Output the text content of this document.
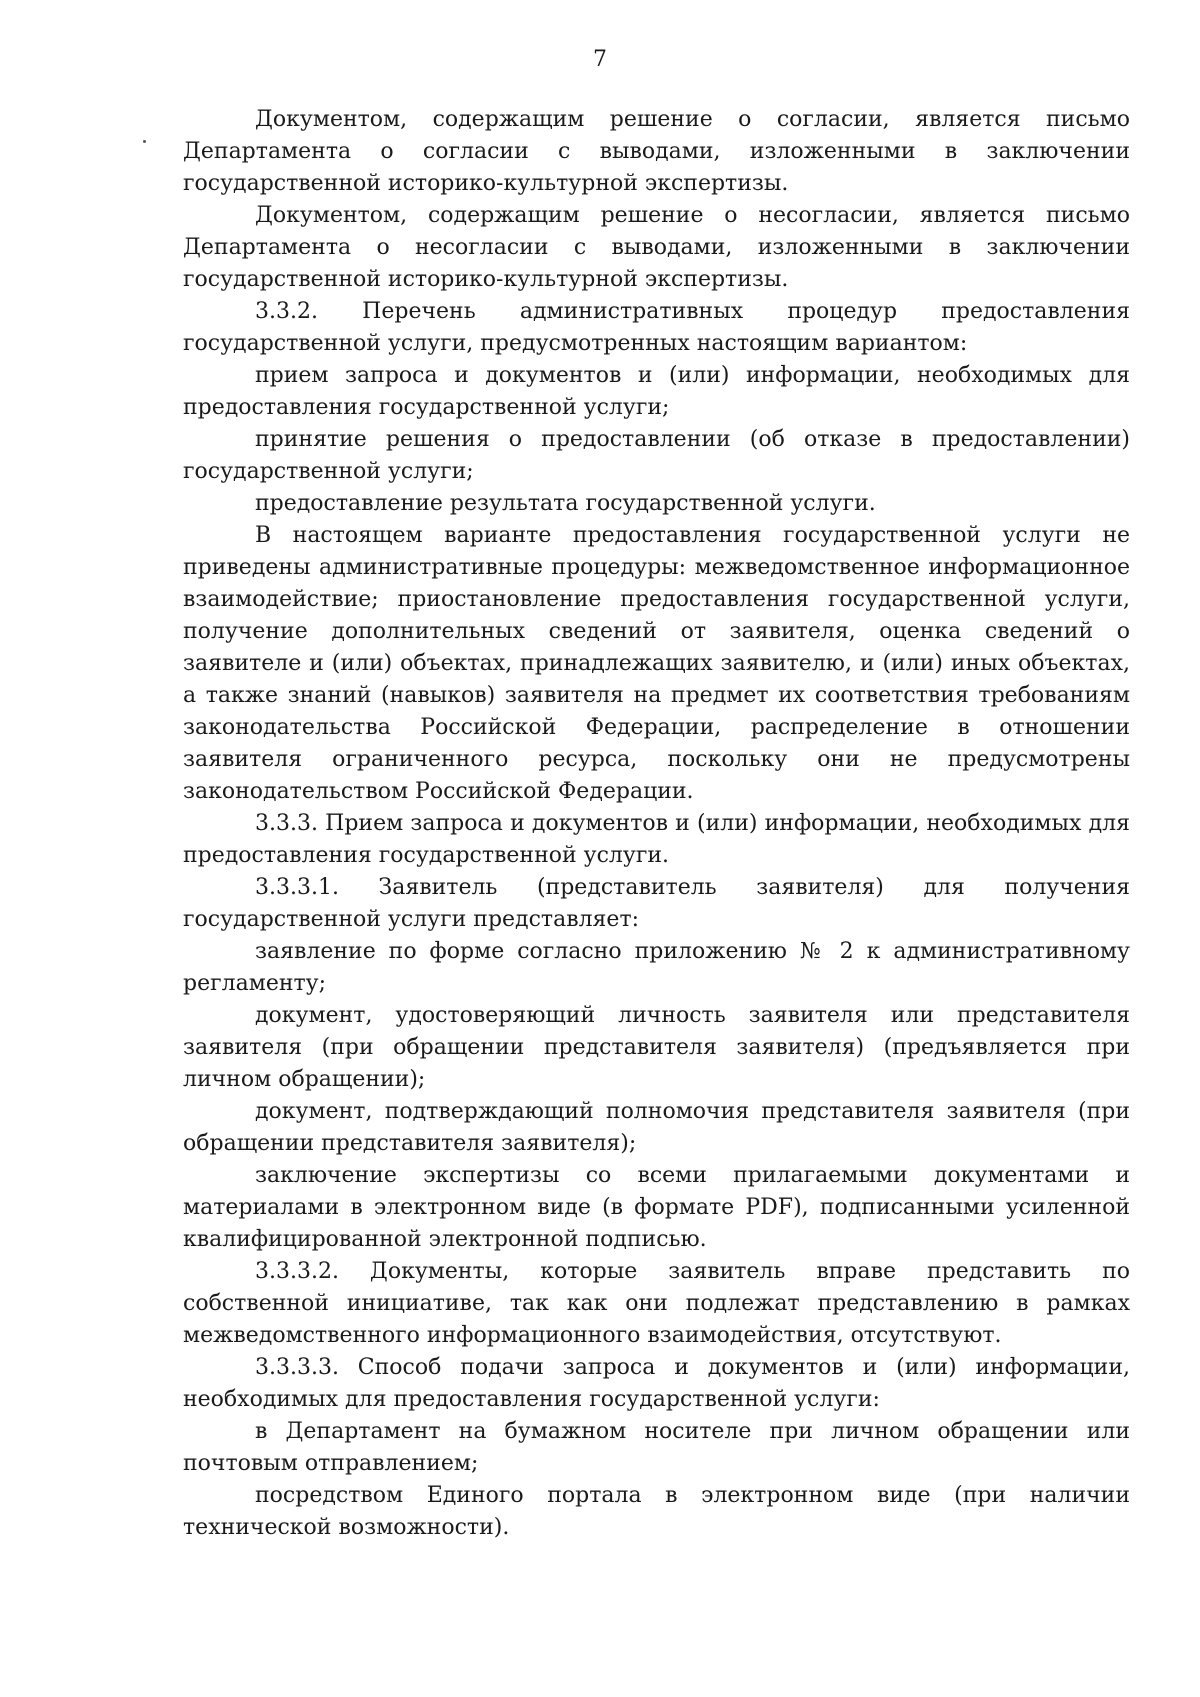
7

Документом, содержащим решение о согласии, является письмо Департамента о согласии с выводами, изложенными в заключении государственной историко-культурной экспертизы.

Документом, содержащим решение о несогласии, является письмо Департамента о несогласии с выводами, изложенными в заключении государственной историко-культурной экспертизы.

3.3.2. Перечень административных процедур предоставления государственной услуги, предусмотренных настоящим вариантом:

прием запроса и документов и (или) информации, необходимых для предоставления государственной услуги;

принятие решения о предоставлении (об отказе в предоставлении) государственной услуги;

предоставление результата государственной услуги.

В настоящем варианте предоставления государственной услуги не приведены административные процедуры: межведомственное информационное взаимодействие; приостановление предоставления государственной услуги, получение дополнительных сведений от заявителя, оценка сведений о заявителе и (или) объектах, принадлежащих заявителю, и (или) иных объектах, а также знаний (навыков) заявителя на предмет их соответствия требованиям законодательства Российской Федерации, распределение в отношении заявителя ограниченного ресурса, поскольку они не предусмотрены законодательством Российской Федерации.

3.3.3. Прием запроса и документов и (или) информации, необходимых для предоставления государственной услуги.

3.3.3.1. Заявитель (представитель заявителя) для получения государственной услуги представляет:

заявление по форме согласно приложению № 2 к административному регламенту;

документ, удостоверяющий личность заявителя или представителя заявителя (при обращении представителя заявителя) (предъявляется при личном обращении);

документ, подтверждающий полномочия представителя заявителя (при обращении представителя заявителя);

заключение экспертизы со всеми прилагаемыми документами и материалами в электронном виде (в формате PDF), подписанными усиленной квалифицированной электронной подписью.

3.3.3.2. Документы, которые заявитель вправе представить по собственной инициативе, так как они подлежат представлению в рамках межведомственного информационного взаимодействия, отсутствуют.

3.3.3.3. Способ подачи запроса и документов и (или) информации, необходимых для предоставления государственной услуги:

в Департамент на бумажном носителе при личном обращении или почтовым отправлением;

посредством Единого портала в электронном виде (при наличии технической возможности).
